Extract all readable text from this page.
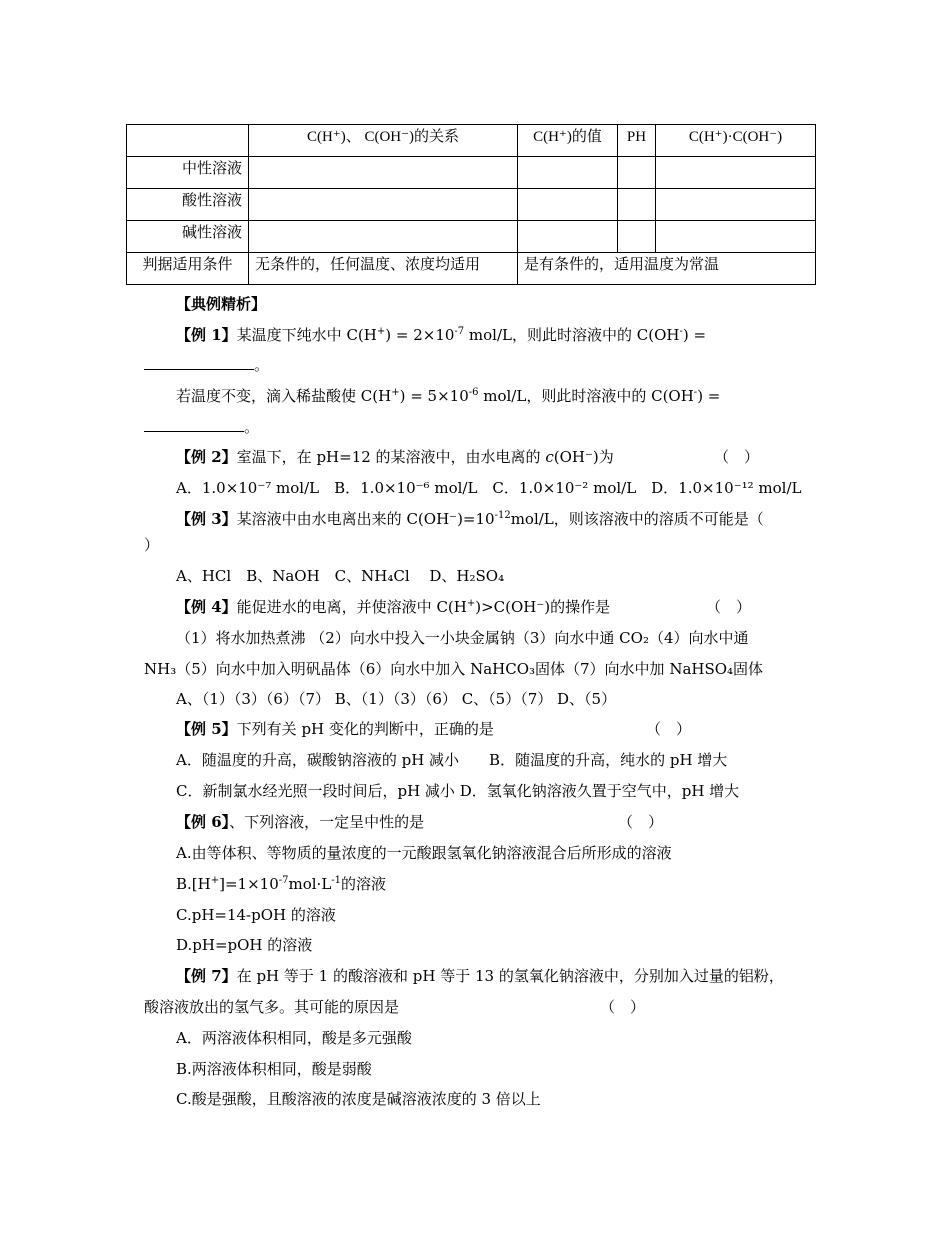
	C(H⁺)、 C(OH⁻)的关系	C(H⁺)的值	PH	C(H⁺)·C(OH⁻)
中性溶液				
酸性溶液				
碱性溶液				
判据适用条件	无条件的，任何温度、浓度均适用	是有条件的，适用温度为常温		
【典例精析】
【例 1】某温度下纯水中 $C(H^+) = 2\times 10^{-7}$ mol/L，则此时溶液中的 C(OH-) =
。
若温度不变，滴入稀盐酸使 $C(H^+) = 5\times 10^{-6}$ mol/L，则此时溶液中的 C(OH-) =
。
【例 2】室温下，在 pH=12 的某溶液中，由水电离的 c(OH⁻)为	（　）
A．1.0×10⁻⁷ mol/L　B．1.0×10⁻⁶ mol/L　C．1.0×10⁻² mol/L　D．1.0×10⁻¹² mol/L
【例 3】某溶液中由水电离出来的 $C(OH^-)=10^{-12}mol/L$，则该溶液中的溶质不可能是（
）
A、HCl　B、NaOH　C、NH₄Cl　 D、H₂SO₄
【例 4】能促进水的电离，并使溶液中 C(H+)>C(OH⁻)的操作是	（　）
（1）将水加热煮沸 （2）向水中投入一小块金属钠（3）向水中通 CO₂（4）向水中通
NH₃（5）向水中加入明矾晶体（6）向水中加入 NaHCO₃固体（7）向水中加 NaHSO₄固体
A、（1）（3）（6）（7） B、（1）（3）（6） C、（5）（7） D、（5）
【例 5】下列有关 pH 变化的判断中，正确的是	（　）
A．随温度的升高，碳酸钠溶液的 pH 减小　　B．随温度的升高，纯水的 pH 增大
C．新制氯水经光照一段时间后，pH 减小 D．氢氧化钠溶液久置于空气中，pH 增大
【例 6】、下列溶液，一定呈中性的是	（　）
A.由等体积、等物质的量浓度的一元酸跟氢氧化钠溶液混合后所形成的溶液
$B.[H^+]=1\times 10^{-7}mol\cdot L^{-1}$的溶液
C.pH=14-pOH 的溶液
D.pH=pOH 的溶液
【例 7】在 pH 等于 1 的酸溶液和 pH 等于 13 的氢氧化钠溶液中，分别加入过量的铝粉，
酸溶液放出的氢气多。其可能的原因是	（　）
A．两溶液体积相同，酸是多元强酸
B.两溶液体积相同，酸是弱酸
C.酸是强酸，且酸溶液的浓度是碱溶液浓度的 3 倍以上
